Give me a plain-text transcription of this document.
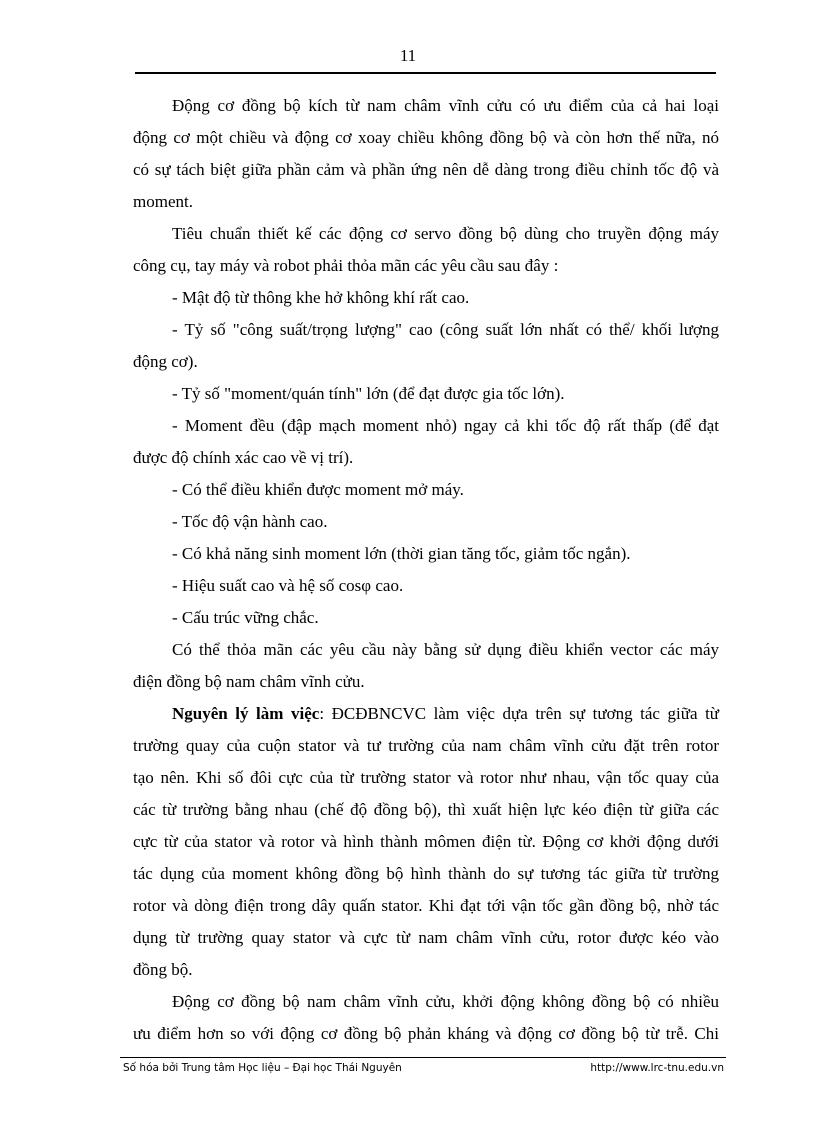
11
Động cơ đồng bộ kích từ nam châm vĩnh cửu có ưu điểm của cả hai loại
động cơ một chiều và động cơ xoay chiều không đồng bộ và còn hơn thế nữa, nó
có sự tách biệt giữa phần cảm và phần ứng nên dễ dàng trong điều chỉnh tốc độ và
moment.
Tiêu chuẩn thiết kế các động cơ servo đồng bộ dùng cho truyền động máy
công cụ, tay máy và robot phải thỏa mãn các yêu cầu sau đây :
- Mật độ từ thông khe hở không khí rất cao.
- Tỷ số "công suất/trọng lượng" cao (công suất lớn nhất có thể/ khối lượng
động cơ).
- Tỷ số "moment/quán tính" lớn (để đạt được gia tốc lớn).
- Moment đều (đập mạch moment nhỏ) ngay cả khi tốc độ rất thấp (để đạt
được độ chính xác cao về vị trí).
- Có thể điều khiển được moment mở máy.
- Tốc độ vận hành cao.
- Có khả năng sinh moment lớn (thời gian tăng tốc, giảm tốc ngắn).
- Hiệu suất cao và hệ số cosφ cao.
- Cấu trúc vững chắc.
Có thể thỏa mãn các yêu cầu này bằng sử dụng điều khiển vector các máy
điện đồng bộ nam châm vĩnh cửu.
Nguyên lý làm việc: ĐCĐBNCVC làm việc dựa trên sự tương tác giữa từ
trường quay của cuộn stator và tư trường của nam châm vĩnh cửu đặt trên rotor
tạo nên. Khi số đôi cực của từ trường stator và rotor như nhau, vận tốc quay của
các từ trường bằng nhau (chế độ đồng bộ), thì xuất hiện lực kéo điện từ giữa các
cực từ của stator và rotor và hình thành mômen điện từ. Động cơ khởi động dưới
tác dụng của moment không đồng bộ hình thành do sự tương tác giữa từ trường
rotor và dòng điện trong dây quấn stator. Khi đạt tới vận tốc gần đồng bộ, nhờ tác
dụng từ trường quay stator và cực từ nam châm vĩnh cửu, rotor được kéo vào
đồng bộ.
Động cơ đồng bộ nam châm vĩnh cửu, khởi động không đồng bộ có nhiều
ưu điểm hơn so với động cơ đồng bộ phản kháng và động cơ đồng bộ từ trễ. Chi
Số hóa bởi Trung tâm Học liệu – Đại học Thái Nguyên	http://www.lrc-tnu.edu.vn
